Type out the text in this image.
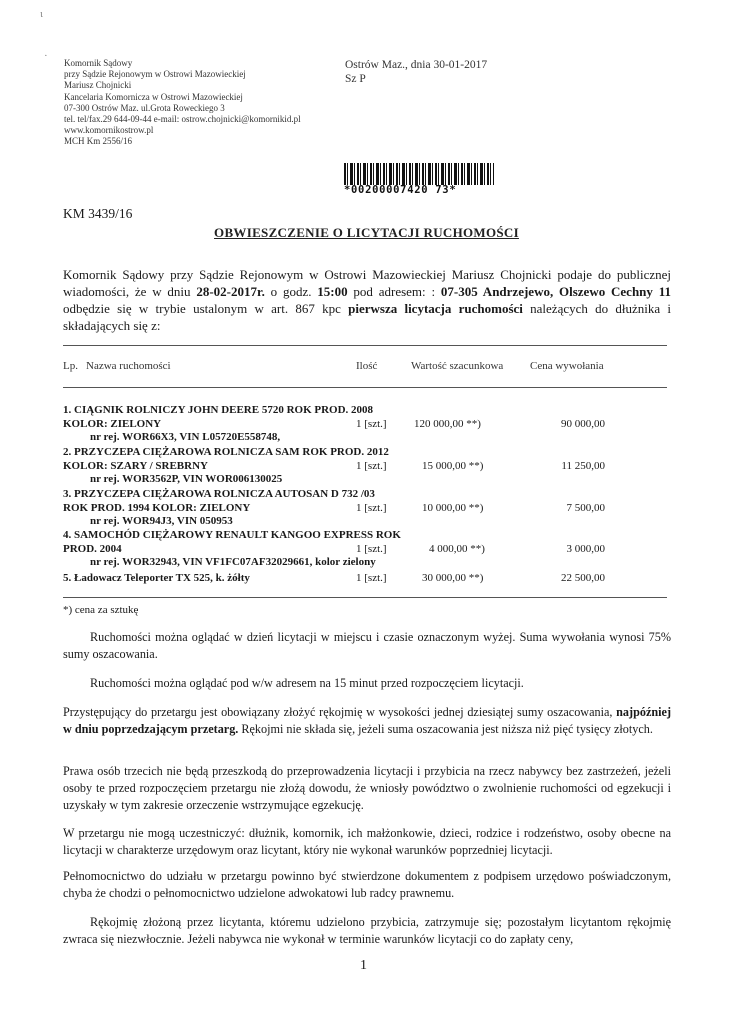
ɩ
·
Komornik Sądowy
przy Sądzie Rejonowym w Ostrowi Mazowieckiej
Mariusz Chojnicki
Kancelaria Komornicza w Ostrowi Mazowieckiej
07-300 Ostrów Maz. ul.Grota Roweckiego 3
tel. tel/fax.29 644-09-44 e-mail: ostrow.chojnicki@komornikid.pl
www.komornikostrow.pl
MCH Km 2556/16
Ostrów Maz., dnia 30-01-2017
Sz P
*00200007420 73*
KM 3439/16
OBWIESZCZENIE O LICYTACJI RUCHOMOŚCI
Komornik Sądowy przy Sądzie Rejonowym w Ostrowi Mazowieckiej Mariusz Chojnicki podaje do publicznej wiadomości, że w dniu 28-02-2017r. o godz. 15:00 pod adresem: : 07-305 Andrzejewo, Olszewo Cechny 11 odbędzie się w trybie ustalonym w art. 867 kpc pierwsza licytacja ruchomości należących do dłużnika i składających się z:
Lp. Nazwa ruchomości	Ilość	Wartość szacunkowa Cena wywołania
1. CIĄGNIK ROLNICZY JOHN DEERE 5720 ROK PROD. 2008
KOLOR: ZIELONY
nr rej. WOR66X3, VIN L05720E558748,
1 [szt.] 120 000,00 **)	90 000,00
2. PRZYCZEPA CIĘŻAROWA ROLNICZA SAM ROK PROD. 2012
KOLOR: SZARY / SREBRNY
nr rej. WOR3562P, VIN WOR006130025
1 [szt.]	15 000,00 **)	11 250,00
3. PRZYCZEPA CIĘŻAROWA ROLNICZA AUTOSAN D 732 /03
ROK PROD. 1994 KOLOR: ZIELONY
nr rej. WOR94J3, VIN 050953
1 [szt.]	10 000,00 **)	7 500,00
4. SAMOCHÓD CIĘŻAROWY RENAULT KANGOO EXPRESS ROK
PROD. 2004
nr rej. WOR32943, VIN VF1FC07AF32029661, kolor zielony
1 [szt.]	4 000,00 **)	3 000,00
5. Ładowacz Teleporter TX 525, k. żółty	1 [szt.]	30 000,00 **)	22 500,00
*) cena za sztukę
Ruchomości można oglądać w dzień licytacji w miejscu i czasie oznaczonym wyżej. Suma wywołania wynosi 75% sumy oszacowania.
Ruchomości można oglądać pod w/w adresem na 15 minut przed rozpoczęciem licytacji.
Przystępujący do przetargu jest obowiązany złożyć rękojmię w wysokości jednej dziesiątej sumy oszacowania, najpóźniej w dniu poprzedzającym przetarg. Rękojmi nie składa się, jeżeli suma oszacowania jest niższa niż pięć tysięcy złotych.
Prawa osób trzecich nie będą przeszkodą do przeprowadzenia licytacji i przybicia na rzecz nabywcy bez zastrzeżeń, jeżeli osoby te przed rozpoczęciem przetargu nie złożą dowodu, że wniosły powództwo o zwolnienie ruchomości od egzekucji i uzyskały w tym zakresie orzeczenie wstrzymujące egzekucję.
W przetargu nie mogą uczestniczyć: dłużnik, komornik, ich małżonkowie, dzieci, rodzice i rodzeństwo, osoby obecne na licytacji w charakterze urzędowym oraz licytant, który nie wykonał warunków poprzedniej licytacji.
Pełnomocnictwo do udziału w przetargu powinno być stwierdzone dokumentem z podpisem urzędowo poświadczonym, chyba że chodzi o pełnomocnictwo udzielone adwokatowi lub radcy prawnemu.
Rękojmię złożoną przez licytanta, któremu udzielono przybicia, zatrzymuje się; pozostałym licytantom rękojmię zwraca się niezwłocznie. Jeżeli nabywca nie wykonał w terminie warunków licytacji co do zapłaty ceny,
1
